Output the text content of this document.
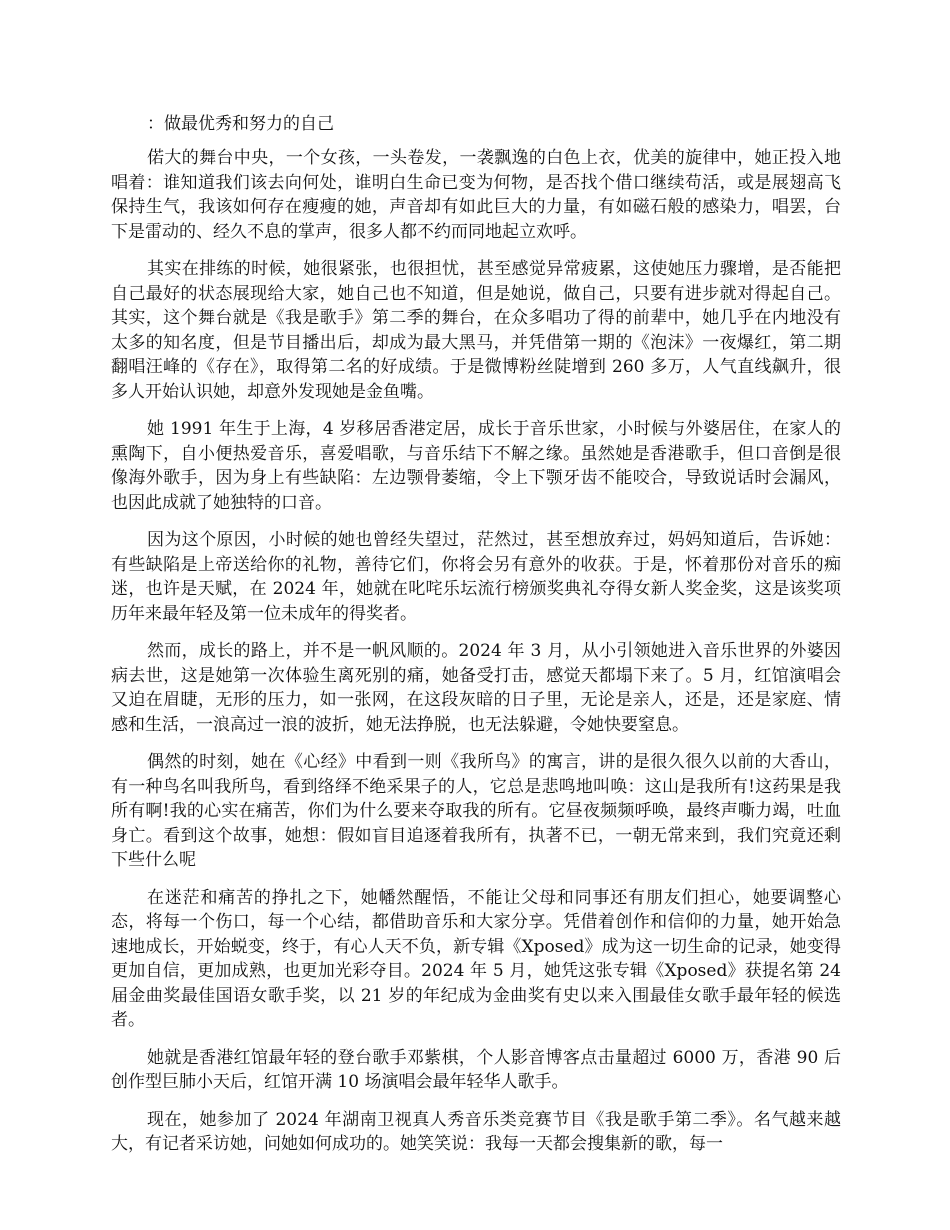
：做最优秀和努力的自己

偌大的舞台中央，一个女孩，一头卷发，一袭飘逸的白色上衣，优美的旋律中，她正投入地唱着：谁知道我们该去向何处，谁明白生命已变为何物，是否找个借口继续苟活，或是展翅高飞保持生气，我该如何存在瘦瘦的她，声音却有如此巨大的力量，有如磁石般的感染力，唱罢，台下是雷动的、经久不息的掌声，很多人都不约而同地起立欢呼。

其实在排练的时候，她很紧张，也很担忧，甚至感觉异常疲累，这使她压力骤增，是否能把自己最好的状态展现给大家，她自己也不知道，但是她说，做自己，只要有进步就对得起自己。其实，这个舞台就是《我是歌手》第二季的舞台，在众多唱功了得的前辈中，她几乎在内地没有太多的知名度，但是节目播出后，却成为最大黑马，并凭借第一期的《泡沫》一夜爆红，第二期翻唱汪峰的《存在》，取得第二名的好成绩。于是微博粉丝陡增到 260 多万，人气直线飙升，很多人开始认识她，却意外发现她是金鱼嘴。

她 1991 年生于上海，4 岁移居香港定居，成长于音乐世家，小时候与外婆居住，在家人的熏陶下，自小便热爱音乐，喜爱唱歌，与音乐结下不解之缘。虽然她是香港歌手，但口音倒是很像海外歌手，因为身上有些缺陷：左边颚骨萎缩，令上下颚牙齿不能咬合，导致说话时会漏风，也因此成就了她独特的口音。

因为这个原因，小时候的她也曾经失望过，茫然过，甚至想放弃过，妈妈知道后，告诉她：有些缺陷是上帝送给你的礼物，善待它们，你将会另有意外的收获。于是，怀着那份对音乐的痴迷，也许是天赋，在 2024 年，她就在叱咤乐坛流行榜颁奖典礼夺得女新人奖金奖，这是该奖项历年来最年轻及第一位未成年的得奖者。

然而，成长的路上，并不是一帆风顺的。2024 年 3 月，从小引领她进入音乐世界的外婆因病去世，这是她第一次体验生离死别的痛，她备受打击，感觉天都塌下来了。5 月，红馆演唱会又迫在眉睫，无形的压力，如一张网，在这段灰暗的日子里，无论是亲人，还是，还是家庭、情感和生活，一浪高过一浪的波折，她无法挣脱，也无法躲避，令她快要窒息。

偶然的时刻，她在《心经》中看到一则《我所鸟》的寓言，讲的是很久很久以前的大香山，有一种鸟名叫我所鸟，看到络绎不绝采果子的人，它总是悲鸣地叫唤：这山是我所有!这药果是我所有啊!我的心实在痛苦，你们为什么要来夺取我的所有。它昼夜频频呼唤，最终声嘶力竭，吐血身亡。看到这个故事，她想：假如盲目追逐着我所有，执著不已，一朝无常来到，我们究竟还剩下些什么呢

在迷茫和痛苦的挣扎之下，她幡然醒悟，不能让父母和同事还有朋友们担心，她要调整心态，将每一个伤口，每一个心结，都借助音乐和大家分享。凭借着创作和信仰的力量，她开始急速地成长，开始蜕变，终于，有心人天不负，新专辑《Xposed》成为这一切生命的记录，她变得更加自信，更加成熟，也更加光彩夺目。2024 年 5 月，她凭这张专辑《Xposed》获提名第 24 届金曲奖最佳国语女歌手奖，以 21 岁的年纪成为金曲奖有史以来入围最佳女歌手最年轻的候选者。

她就是香港红馆最年轻的登台歌手邓紫棋，个人影音博客点击量超过 6000 万，香港 90 后创作型巨肺小天后，红馆开满 10 场演唱会最年轻华人歌手。

现在，她参加了 2024 年湖南卫视真人秀音乐类竞赛节目《我是歌手第二季》。名气越来越大，有记者采访她，问她如何成功的。她笑笑说：我每一天都会搜集新的歌，每一
